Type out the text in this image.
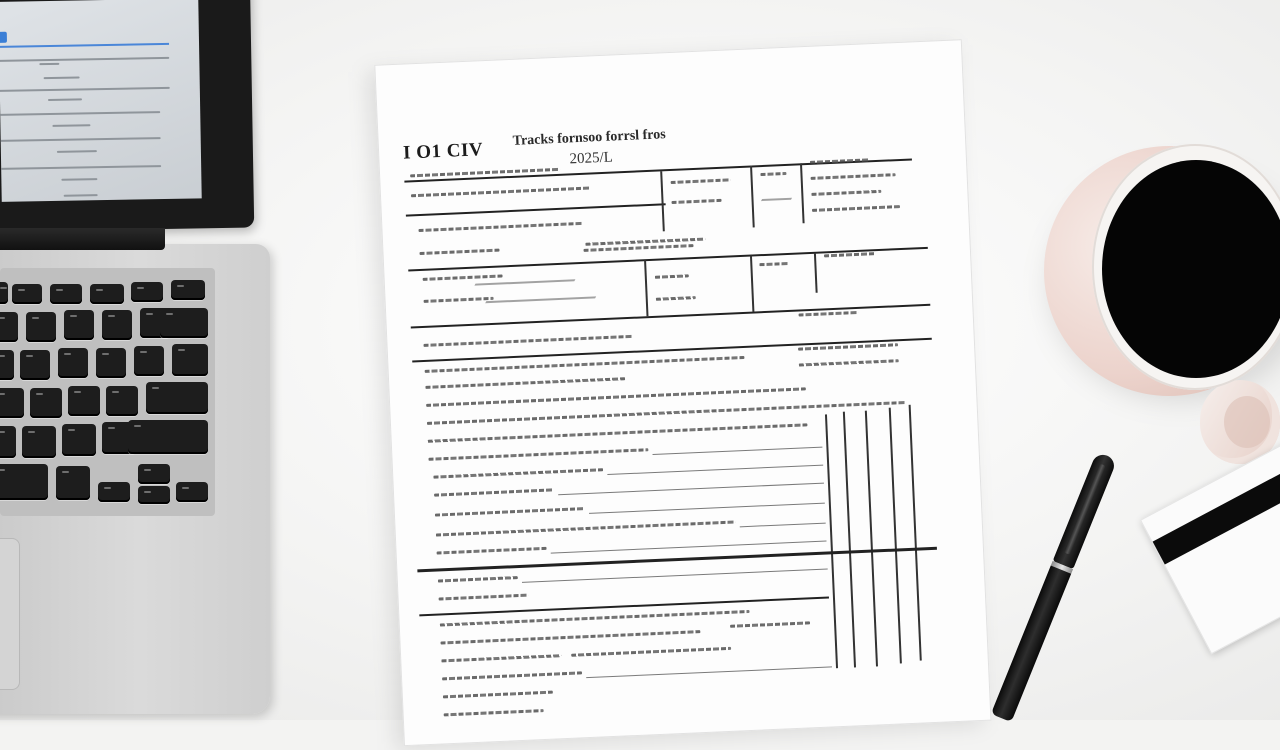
I O1 CIV
Tracks fornsoo forrsl fros
2025/L
